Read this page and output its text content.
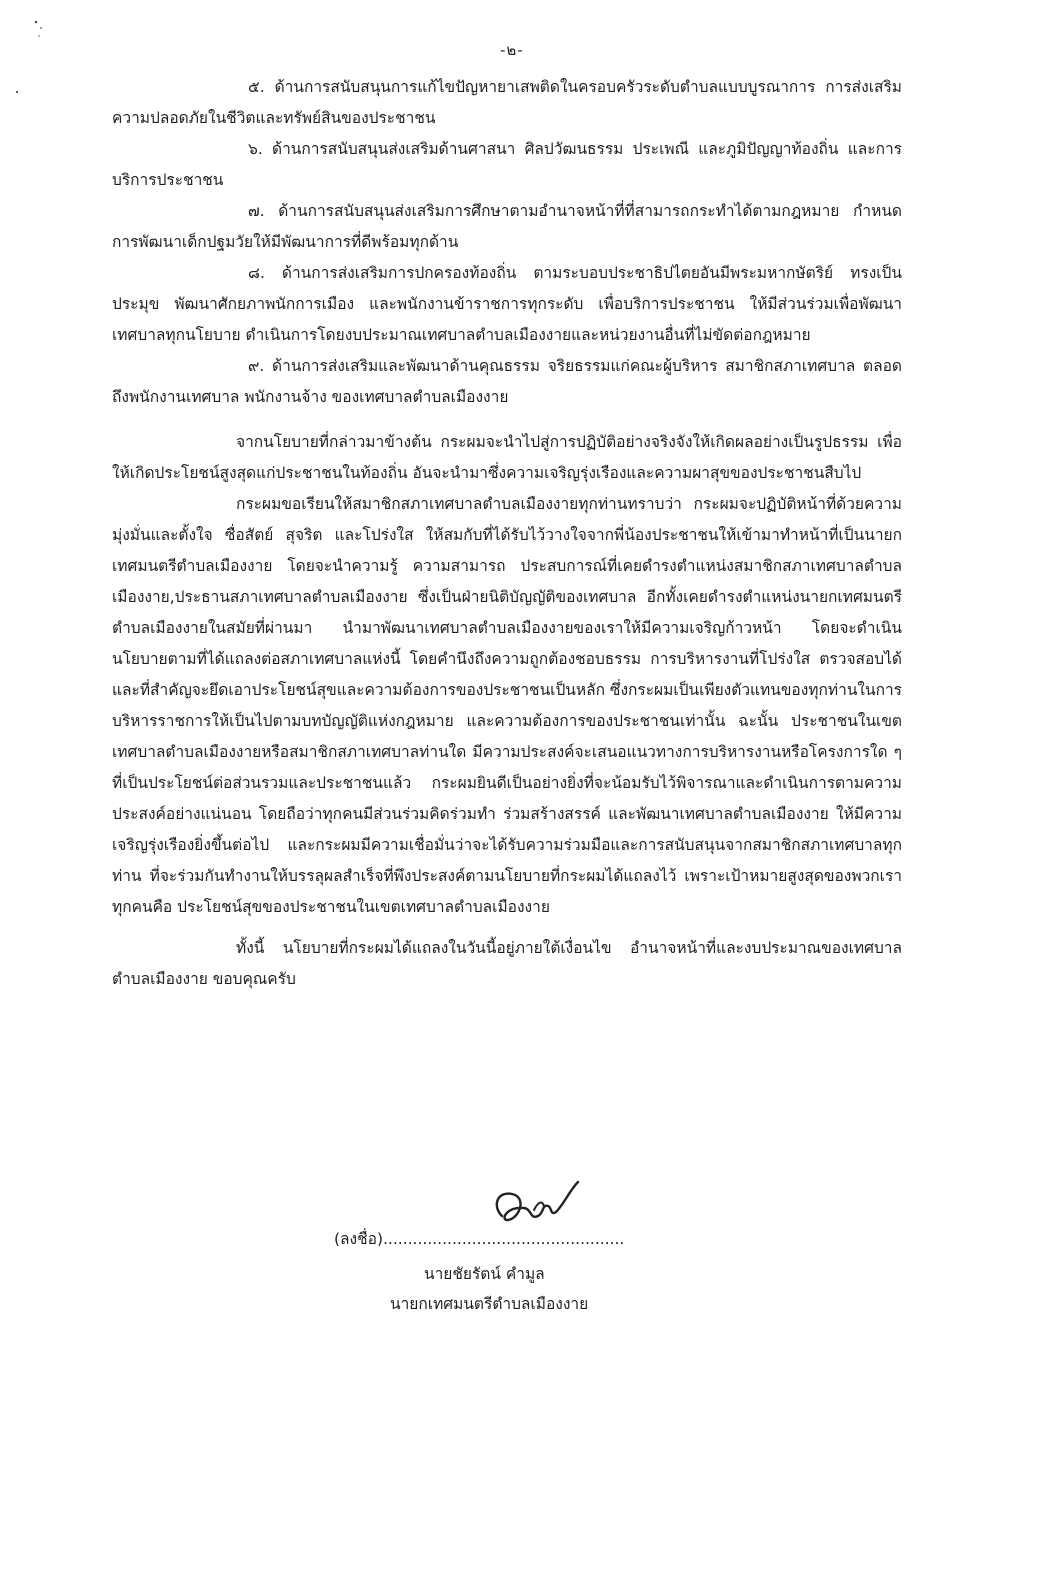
-๒-

๕. ด้านการสนับสนุนการแก้ไขปัญหายาเสพติดในครอบครัวระดับตำบลแบบบูรณาการ การส่งเสริมความปลอดภัยในชีวิตและทรัพย์สินของประชาชน

๖. ด้านการสนับสนุนส่งเสริมด้านศาสนา ศิลปวัฒนธรรม ประเพณี และภูมิปัญญาท้องถิ่น และการบริการประชาชน

๗. ด้านการสนับสนุนส่งเสริมการศึกษาตามอำนาจหน้าที่ที่สามารถกระทำได้ตามกฎหมาย กำหนด การพัฒนาเด็กปฐมวัยให้มีพัฒนาการที่ดีพร้อมทุกด้าน

๘. ด้านการส่งเสริมการปกครองท้องถิ่น ตามระบอบประชาธิปไตยอันมีพระมหากษัตริย์ ทรงเป็นประมุข พัฒนาศักยภาพนักการเมือง และพนักงานข้าราชการทุกระดับ เพื่อบริการประชาชน ให้มีส่วนร่วมเพื่อพัฒนาเทศบาลทุกนโยบาย ดำเนินการโดยงบประมาณเทศบาลตำบลเมืองงายและหน่วยงานอื่นที่ไม่ขัดต่อกฎหมาย

๙. ด้านการส่งเสริมและพัฒนาด้านคุณธรรม จริยธรรมแก่คณะผู้บริหาร สมาชิกสภาเทศบาล ตลอดถึงพนักงานเทศบาล พนักงานจ้าง ของเทศบาลตำบลเมืองงาย

จากนโยบายที่กล่าวมาข้างต้น กระผมจะนำไปสู่การปฏิบัติอย่างจริงจังให้เกิดผลอย่างเป็นรูปธรรม เพื่อให้เกิดประโยชน์สูงสุดแก่ประชาชนในท้องถิ่น อันจะนำมาซึ่งความเจริญรุ่งเรืองและความผาสุขของประชาชนสืบไป

กระผมขอเรียนให้สมาชิกสภาเทศบาลตำบลเมืองงายทุกท่านทราบว่า กระผมจะปฏิบัติหน้าที่ด้วยความมุ่งมั่นและตั้งใจ ซื่อสัตย์ สุจริต และโปร่งใส ให้สมกับที่ได้รับไว้วางใจจากพี่น้องประชาชนให้เข้ามาทำหน้าที่เป็นนายกเทศมนตรีตำบลเมืองงาย โดยจะนำความรู้ ความสามารถ ประสบการณ์ที่เคยดำรงตำแหน่งสมาชิกสภาเทศบาลตำบลเมืองงาย,ประธานสภาเทศบาลตำบลเมืองงาย ซึ่งเป็นฝ่ายนิติบัญญัติของเทศบาล อีกทั้งเคยดำรงตำแหน่งนายกเทศมนตรีตำบลเมืองงายในสมัยที่ผ่านมา นำมาพัฒนาเทศบาลตำบลเมืองงายของเราให้มีความเจริญก้าวหน้า โดยจะดำเนินนโยบายตามที่ได้แถลงต่อสภาเทศบาลแห่งนี้ โดยคำนึงถึงความถูกต้องชอบธรรม การบริหารงานที่โปร่งใส ตรวจสอบได้ และที่สำคัญจะยึดเอาประโยชน์สุขและความต้องการของประชาชนเป็นหลัก ซึ่งกระผมเป็นเพียงตัวแทนของทุกท่านในการบริหารราชการให้เป็นไปตามบทบัญญัติแห่งกฎหมาย และความต้องการของประชาชนเท่านั้น ฉะนั้น ประชาชนในเขตเทศบาลตำบลเมืองงายหรือสมาชิกสภาเทศบาลท่านใด มีความประสงค์จะเสนอแนวทางการบริหารงานหรือโครงการใด ๆ ที่เป็นประโยชน์ต่อส่วนรวมและประชาชนแล้ว กระผมยินดีเป็นอย่างยิ่งที่จะน้อมรับไว้พิจารณาและดำเนินการตามความประสงค์อย่างแน่นอน โดยถือว่าทุกคนมีส่วนร่วมคิดร่วมทำ ร่วมสร้างสรรค์ และพัฒนาเทศบาลตำบลเมืองงาย ให้มีความเจริญรุ่งเรืองยิ่งขึ้นต่อไป และกระผมมีความเชื่อมั่นว่าจะได้รับความร่วมมือและการสนับสนุนจากสมาชิกสภาเทศบาลทุกท่าน ที่จะร่วมกันทำงานให้บรรลุผลสำเร็จที่พึงประสงค์ตามนโยบายที่กระผมได้แถลงไว้ เพราะเป้าหมายสูงสุดของพวกเราทุกคนคือ ประโยชน์สุขของประชาชนในเขตเทศบาลตำบลเมืองงาย

ทั้งนี้ นโยบายที่กระผมได้แถลงในวันนี้อยู่ภายใต้เงื่อนไข อำนาจหน้าที่และงบประมาณของเทศบาลตำบลเมืองงาย ขอบคุณครับ

(ลงชื่อ).................................................
นายชัยรัตน์ คำมูล
นายกเทศมนตรีตำบลเมืองงาย
